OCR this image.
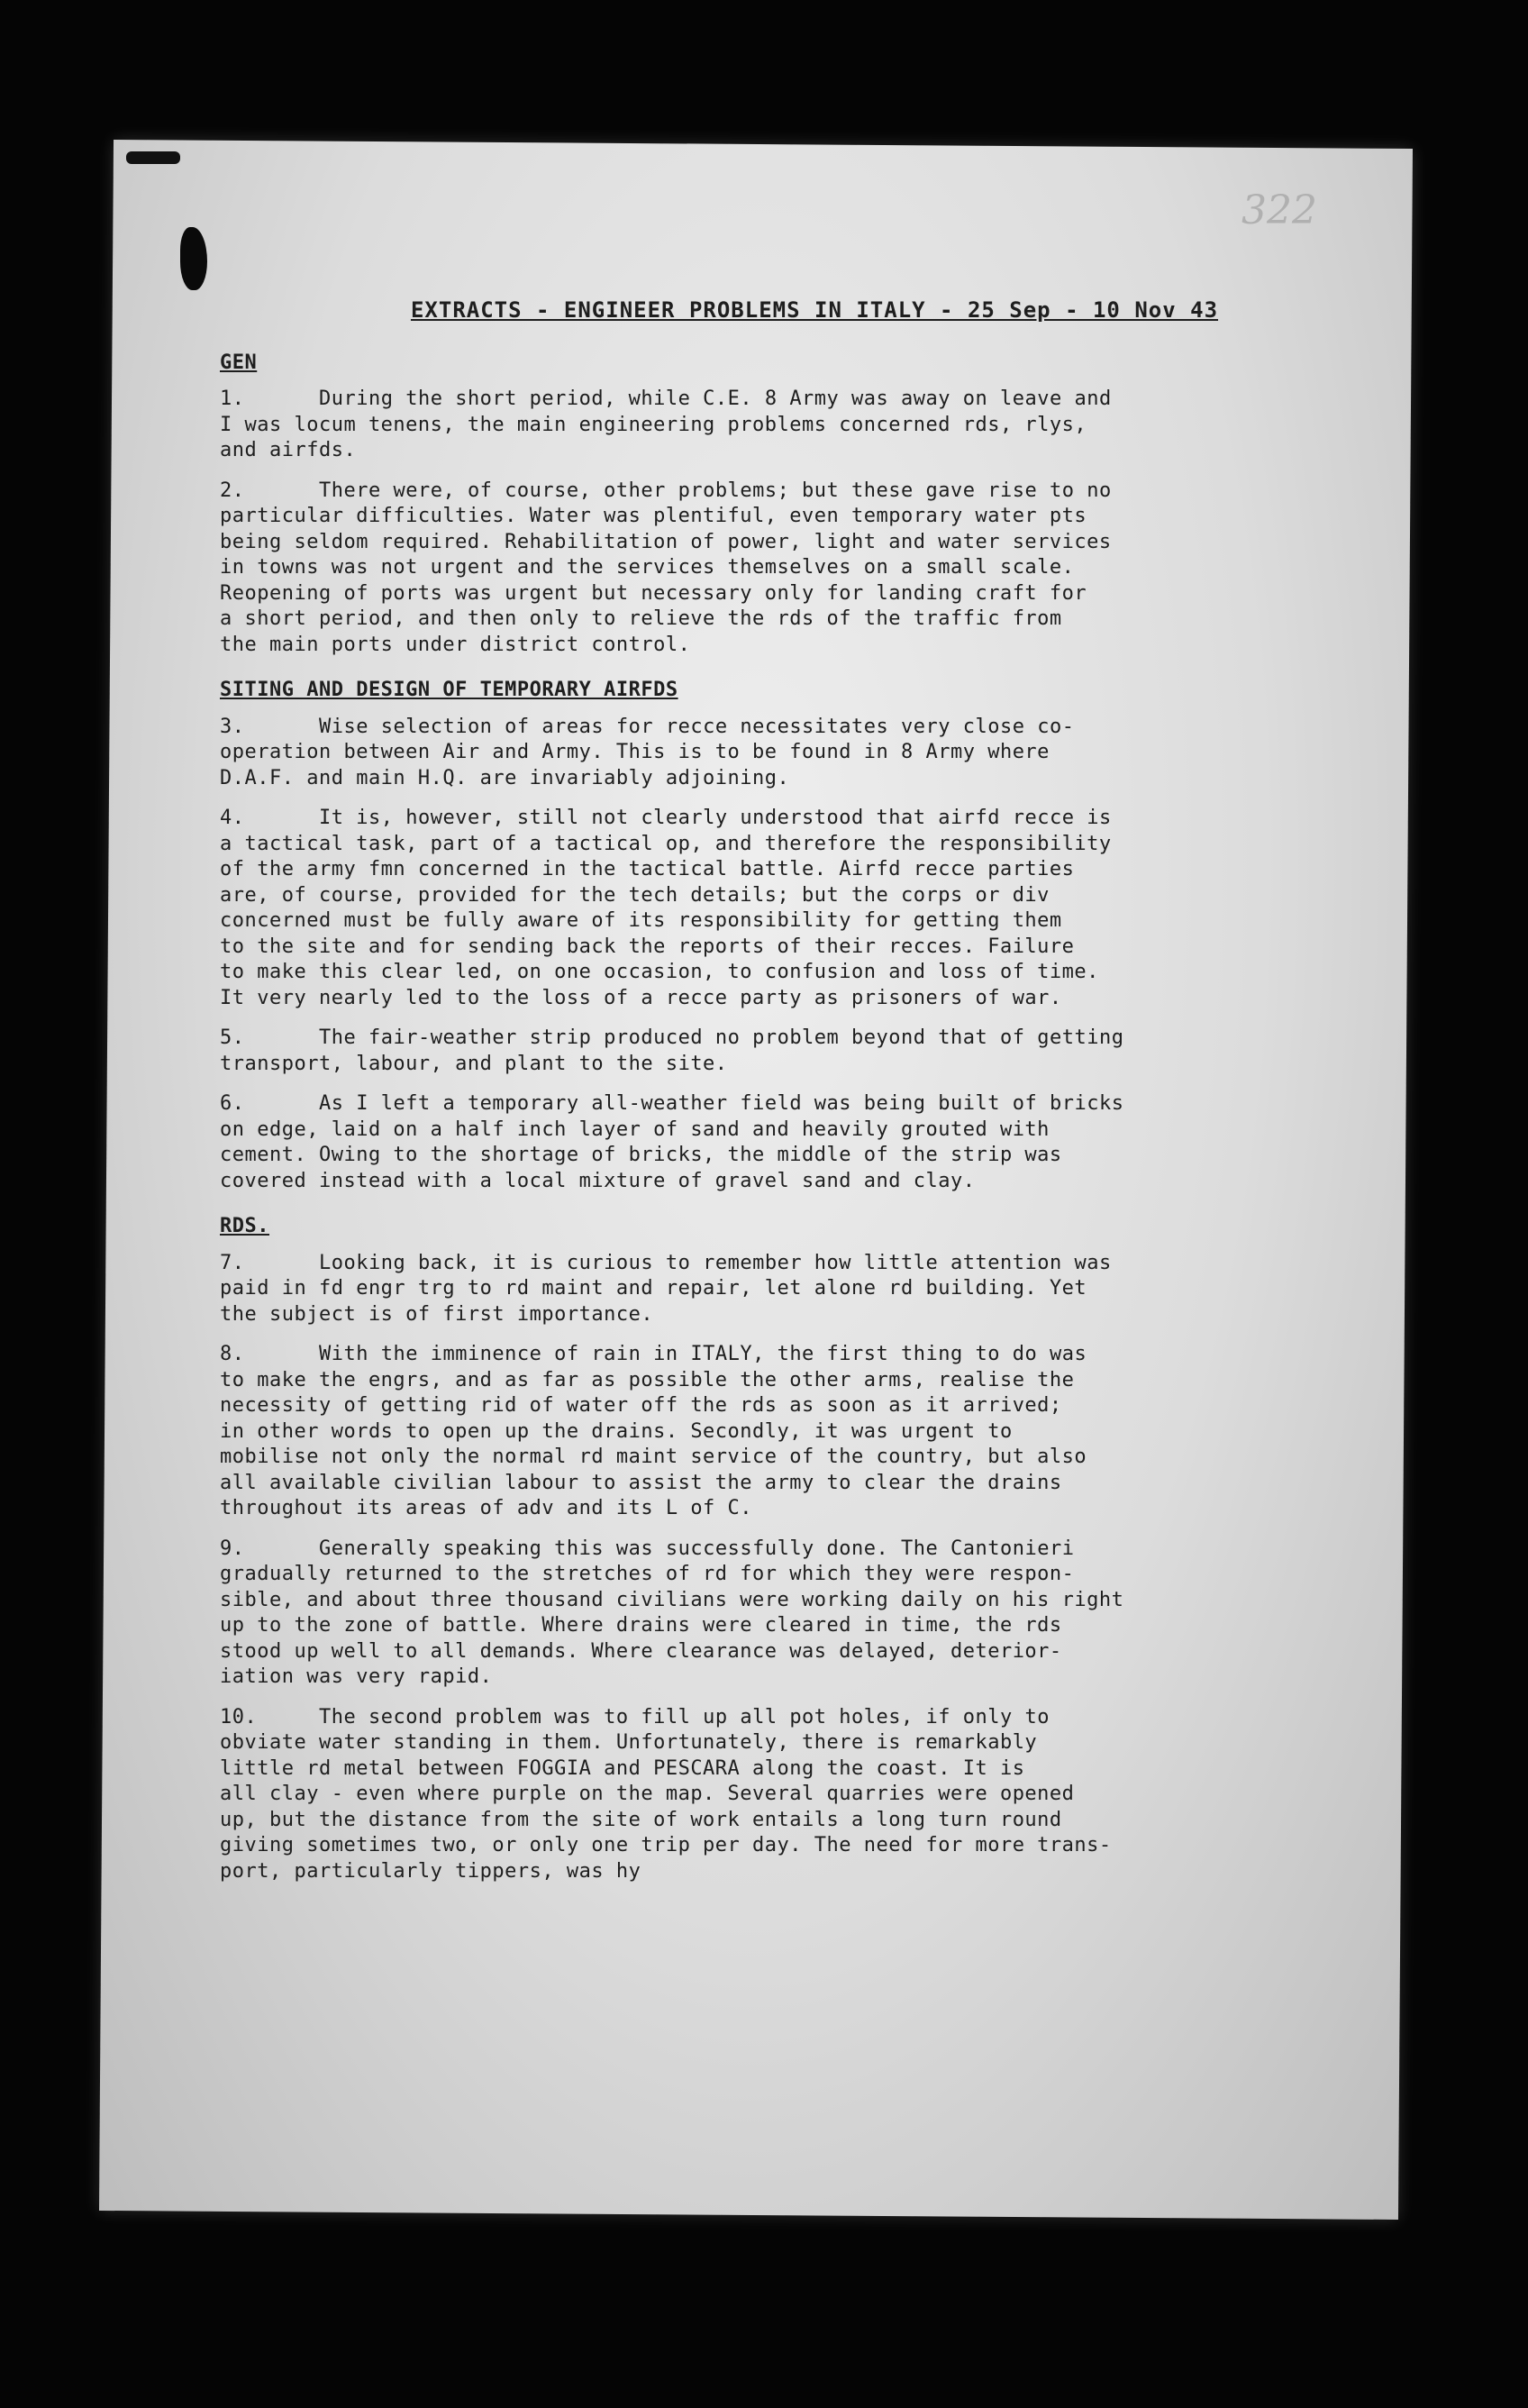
322
EXTRACTS - ENGINEER PROBLEMS IN ITALY - 25 Sep - 10 Nov 43
GEN
1.	During the short period, while C.E. 8 Army was away on leave and
I was locum tenens, the main engineering problems concerned rds, rlys,
and airfds.
2.	There were, of course, other problems; but these gave rise to no
particular difficulties. Water was plentiful, even temporary water pts
being seldom required. Rehabilitation of power, light and water services
in towns was not urgent and the services themselves on a small scale.
Reopening of ports was urgent but necessary only for landing craft for
a short period, and then only to relieve the rds of the traffic from
the main ports under district control.
SITING AND DESIGN OF TEMPORARY AIRFDS
3.	Wise selection of areas for recce necessitates very close co-
operation between Air and Army. This is to be found in 8 Army where
D.A.F. and main H.Q. are invariably adjoining.
4.	It is, however, still not clearly understood that airfd recce is
a tactical task, part of a tactical op, and therefore the responsibility
of the army fmn concerned in the tactical battle. Airfd recce parties
are, of course, provided for the tech details; but the corps or div
concerned must be fully aware of its responsibility for getting them
to the site and for sending back the reports of their recces. Failure
to make this clear led, on one occasion, to confusion and loss of time.
It very nearly led to the loss of a recce party as prisoners of war.
5.	The fair-weather strip produced no problem beyond that of getting
transport, labour, and plant to the site.
6.	As I left a temporary all-weather field was being built of bricks
on edge, laid on a half inch layer of sand and heavily grouted with
cement. Owing to the shortage of bricks, the middle of the strip was
covered instead with a local mixture of gravel sand and clay.
RDS.
7.	Looking back, it is curious to remember how little attention was
paid in fd engr trg to rd maint and repair, let alone rd building. Yet
the subject is of first importance.
8.	With the imminence of rain in ITALY, the first thing to do was
to make the engrs, and as far as possible the other arms, realise the
necessity of getting rid of water off the rds as soon as it arrived;
in other words to open up the drains. Secondly, it was urgent to
mobilise not only the normal rd maint service of the country, but also
all available civilian labour to assist the army to clear the drains
throughout its areas of adv and its L of C.
9.	Generally speaking this was successfully done. The Cantonieri
gradually returned to the stretches of rd for which they were respon-
sible, and about three thousand civilians were working daily on his right
up to the zone of battle. Where drains were cleared in time, the rds
stood up well to all demands. Where clearance was delayed, deterior-
iation was very rapid.
10.	The second problem was to fill up all pot holes, if only to
obviate water standing in them. Unfortunately, there is remarkably
little rd metal between FOGGIA and PESCARA along the coast. It is
all clay - even where purple on the map. Several quarries were opened
up, but the distance from the site of work entails a long turn round
giving sometimes two, or only one trip per day. The need for more trans-
port, particularly tippers, was hy
